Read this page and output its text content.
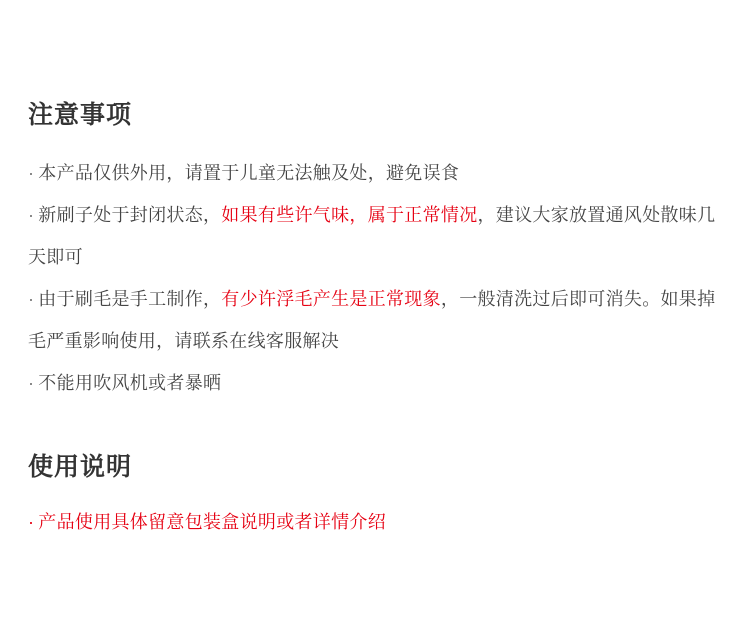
注意事项
· 本产品仅供外用，请置于儿童无法触及处，避免误食
· 新刷子处于封闭状态，如果有些许气味，属于正常情况，建议大家放置通风处散味几天即可
· 由于刷毛是手工制作，有少许浮毛产生是正常现象，一般清洗过后即可消失。如果掉毛严重影响使用，请联系在线客服解决
· 不能用吹风机或者暴晒
使用说明
· 产品使用具体留意包装盒说明或者详情介绍
